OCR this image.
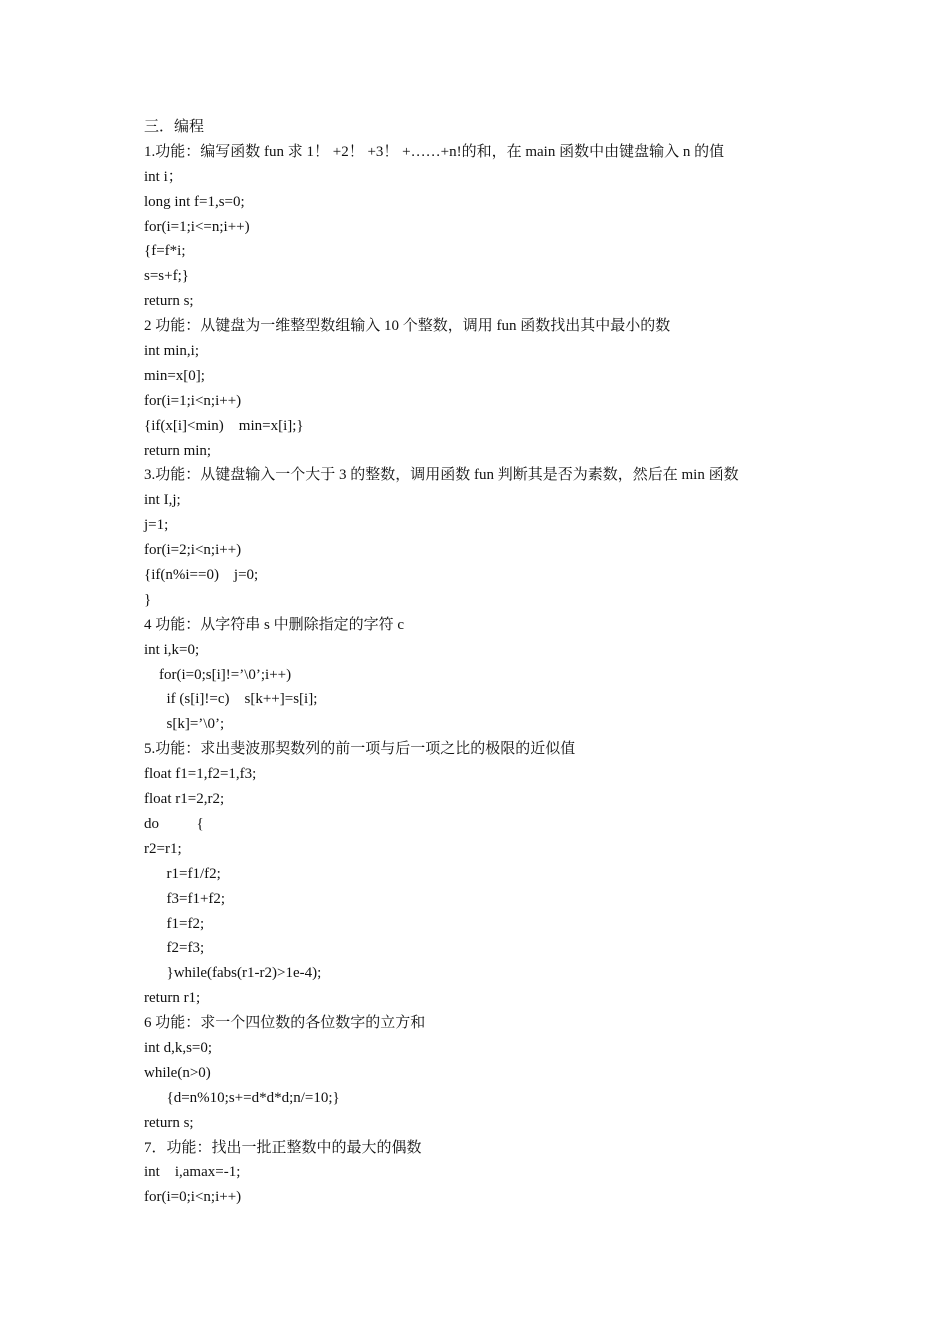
三．编程
1.功能：编写函数 fun 求 1！ +2！ +3！ +……+n!的和，在 main 函数中由键盘输入 n 的值
int i；
long int f=1,s=0;
for(i=1;i<=n;i++)
{f=f*i;
s=s+f;}
return s;
2 功能：从键盘为一维整型数组输入 10 个整数，调用 fun 函数找出其中最小的数
int min,i;
min=x[0];
for(i=1;i<n;i++)
{if(x[i]<min)    min=x[i];}
return min;
3.功能：从键盘输入一个大于 3 的整数，调用函数 fun 判断其是否为素数，然后在 min 函数
int I,j;
j=1;
for(i=2;i<n;i++)
{if(n%i==0)    j=0;
}
4 功能：从字符串 s 中删除指定的字符 c
int i,k=0;
for(i=0;s[i]!=’\0’;i++)
if (s[i]!=c)    s[k++]=s[i];
s[k]=’\0’;
5.功能：求出斐波那契数列的前一项与后一项之比的极限的近似值
float f1=1,f2=1,f3;
float r1=2,r2;
do          {
r2=r1;
r1=f1/f2;
f3=f1+f2;
f1=f2;
f2=f3;
}while(fabs(r1-r2)>1e-4);
return r1;
6 功能：求一个四位数的各位数字的立方和
int d,k,s=0;
while(n>0)
{d=n%10;s+=d*d*d;n/=10;}
return s;
7．功能：找出一批正整数中的最大的偶数
int    i,amax=-1;
for(i=0;i<n;i++)
